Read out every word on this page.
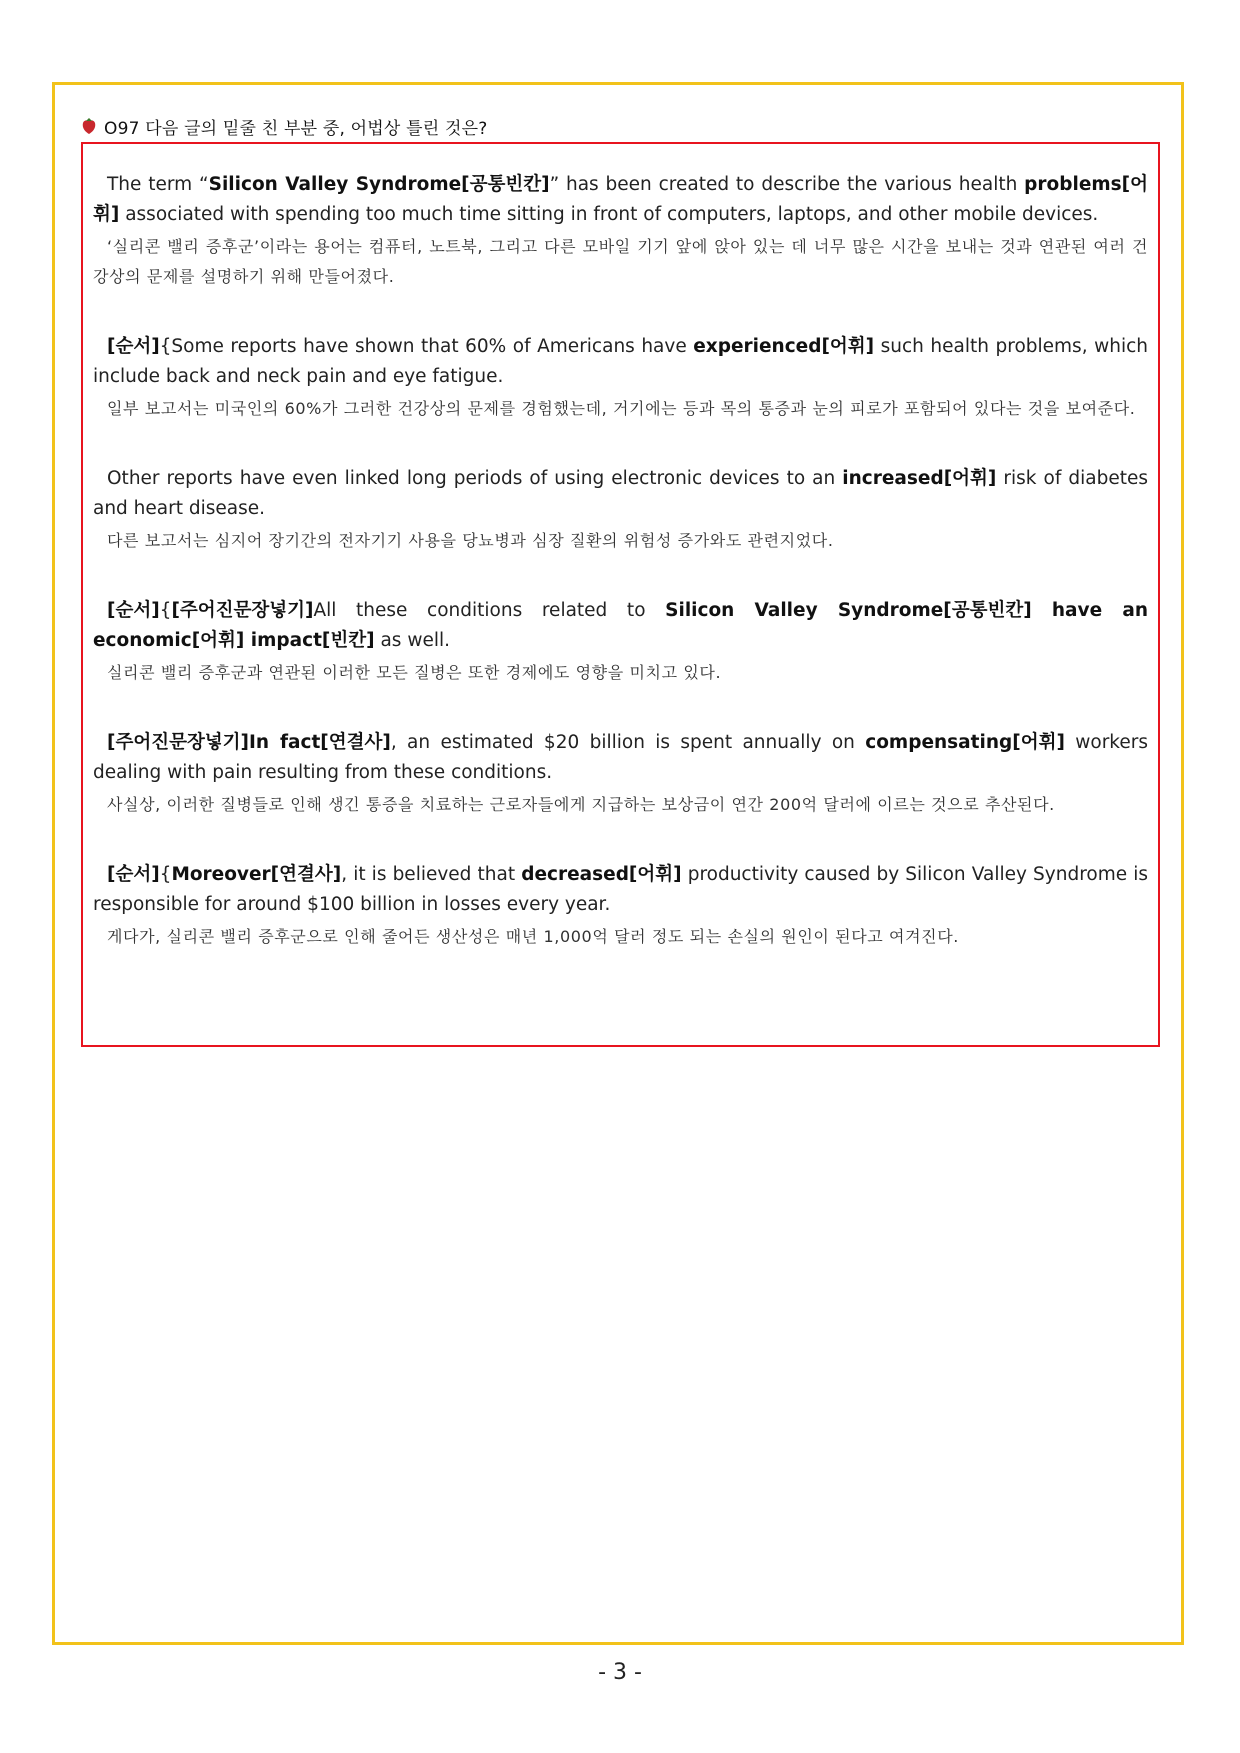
O97 다음 글의 밑줄 친 부분 중, 어법상 틀린 것은?
The term “Silicon Valley Syndrome[공통빈칸]” has been created to describe the various health problems[어휘] associated with spending too much time sitting in front of computers, laptops, and other mobile devices.
‘실리콘 밸리 증후군’이라는 용어는 컴퓨터, 노트북, 그리고 다른 모바일 기기 앞에 앉아 있는 데 너무 많은 시간을 보내는 것과 연관된 여러 건강상의 문제를 설명하기 위해 만들어졌다.
[순서]{Some reports have shown that 60% of Americans have experienced[어휘] such health problems, which include back and neck pain and eye fatigue.
일부 보고서는 미국인의 60%가 그러한 건강상의 문제를 경험했는데, 거기에는 등과 목의 통증과 눈의 피로가 포함되어 있다는 것을 보여준다.
Other reports have even linked long periods of using electronic devices to an increased[어휘] risk of diabetes and heart disease.
다른 보고서는 심지어 장기간의 전자기기 사용을 당뇨병과 심장 질환의 위험성 증가와도 관련지었다.
[순서]{[주어진문장넣기]All these conditions related to Silicon Valley Syndrome[공통빈칸] have an economic[어휘] impact[빈칸] as well.
실리콘 밸리 증후군과 연관된 이러한 모든 질병은 또한 경제에도 영향을 미치고 있다.
[주어진문장넣기]In fact[연결사], an estimated $20 billion is spent annually on compensating[어휘] workers dealing with pain resulting from these conditions.
사실상, 이러한 질병들로 인해 생긴 통증을 치료하는 근로자들에게 지급하는 보상금이 연간 200억 달러에 이르는 것으로 추산된다.
[순서]{Moreover[연결사], it is believed that decreased[어휘] productivity caused by Silicon Valley Syndrome is responsible for around $100 billion in losses every year.
게다가, 실리콘 밸리 증후군으로 인해 줄어든 생산성은 매년 1,000억 달러 정도 되는 손실의 원인이 된다고 여겨진다.
- 3 -
